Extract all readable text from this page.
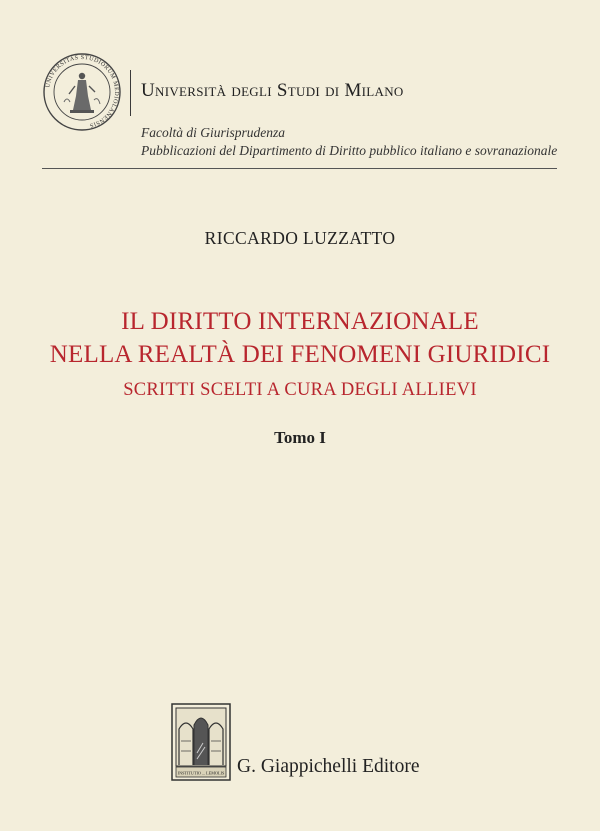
UNIVERSITAS STUDIORUM MEDIOLANENSIS
Università degli Studi di Milano
Facoltà di Giurisprudenza
Pubblicazioni del Dipartimento di Diritto pubblico italiano e sovranazionale
RICCARDO LUZZATTO
IL DIRITTO INTERNAZIONALE
NELLA REALTÀ DEI FENOMENI GIURIDICI
SCRITTI SCELTI A CURA DEGLI ALLIEVI
Tomo I
INSTITUTIO ... LEMOLIS G. Giappichelli Editore
